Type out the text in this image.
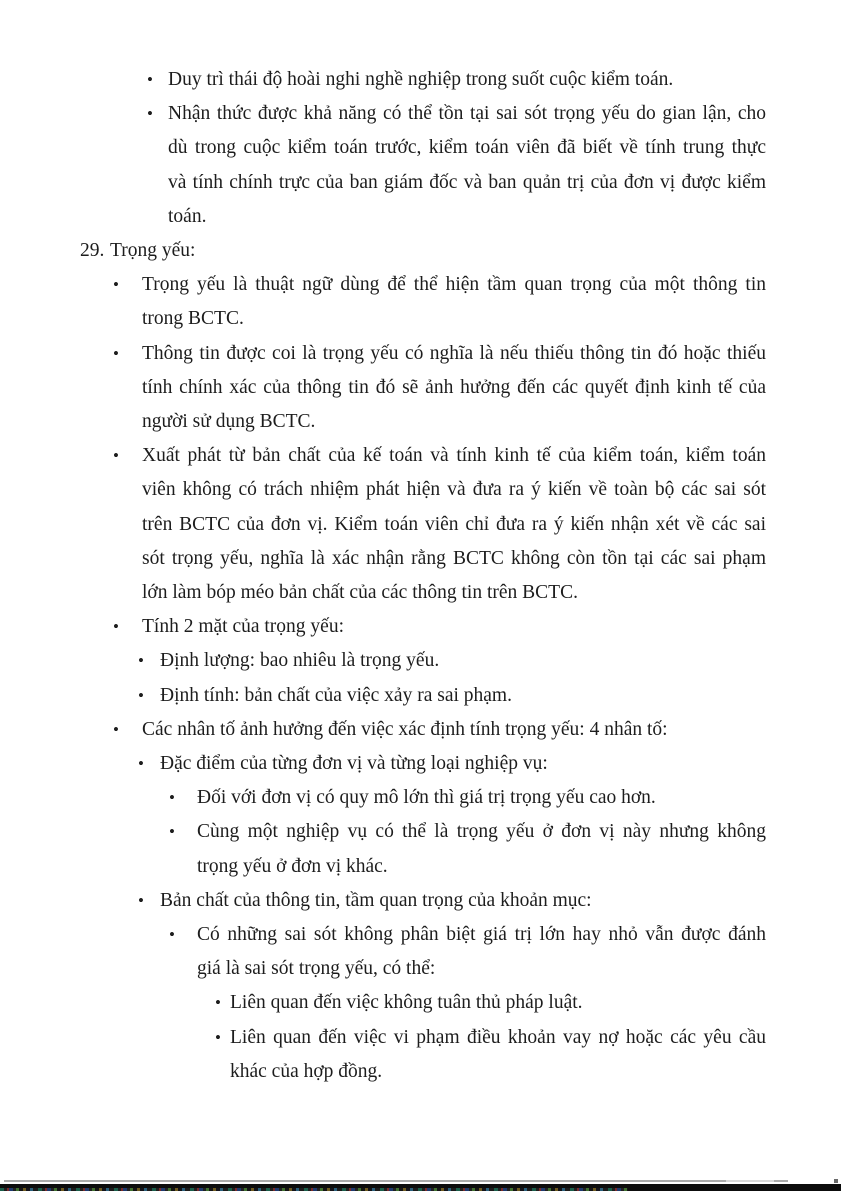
• Duy trì thái độ hoài nghi nghề nghiệp trong suốt cuộc kiểm toán.
• Nhận thức được khả năng có thể tồn tại sai sót trọng yếu do gian lận, cho
dù trong cuộc kiểm toán trước, kiểm toán viên đã biết về tính trung thực
và tính chính trực của ban giám đốc và ban quản trị của đơn vị được kiểm
toán.
29. Trọng yếu:
•	Trọng yếu là thuật ngữ dùng để thể hiện tầm quan trọng của một thông tin
trong BCTC.
•	Thông tin được coi là trọng yếu có nghĩa là nếu thiếu thông tin đó hoặc thiếu
tính chính xác của thông tin đó sẽ ảnh hưởng đến các quyết định kinh tế của
người sử dụng BCTC.
•	Xuất phát từ bản chất của kế toán và tính kinh tế của kiểm toán, kiểm toán
viên không có trách nhiệm phát hiện và đưa ra ý kiến về toàn bộ các sai sót
trên BCTC của đơn vị. Kiểm toán viên chỉ đưa ra ý kiến nhận xét về các sai
sót trọng yếu, nghĩa là xác nhận rằng BCTC không còn tồn tại các sai phạm
lớn làm bóp méo bản chất của các thông tin trên BCTC.
•	Tính 2 mặt của trọng yếu:
• Định lượng: bao nhiêu là trọng yếu.
• Định tính: bản chất của việc xảy ra sai phạm.
•	Các nhân tố ảnh hưởng đến việc xác định tính trọng yếu: 4 nhân tố:
• Đặc điểm của từng đơn vị và từng loại nghiệp vụ:
•	Đối với đơn vị có quy mô lớn thì giá trị trọng yếu cao hơn.
•	Cùng một nghiệp vụ có thể là trọng yếu ở đơn vị này nhưng không
trọng yếu ở đơn vị khác.
• Bản chất của thông tin, tầm quan trọng của khoản mục:
•	Có những sai sót không phân biệt giá trị lớn hay nhỏ vẫn được đánh
giá là sai sót trọng yếu, có thể:
• Liên quan đến việc không tuân thủ pháp luật.
• Liên quan đến việc vi phạm điều khoản vay nợ hoặc các yêu cầu
khác của hợp đồng.
